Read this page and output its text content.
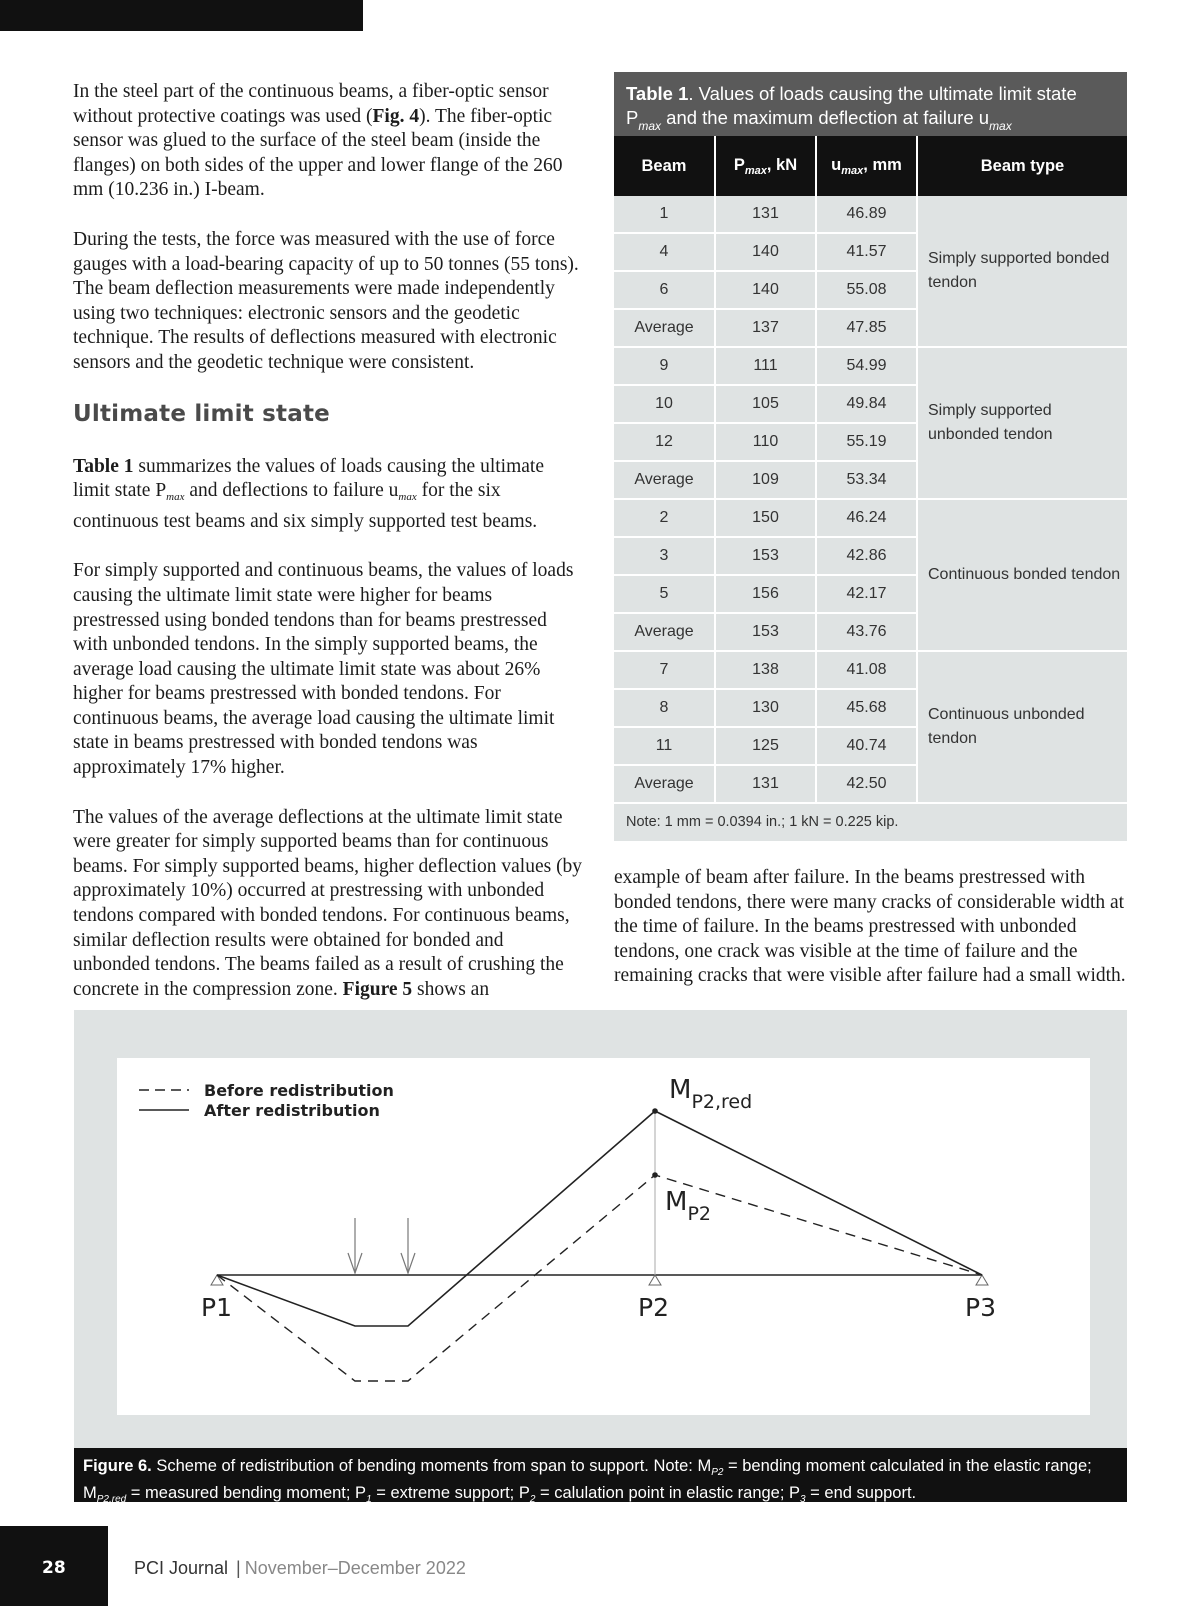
In the steel part of the continuous beams, a fiber-optic sensor without protective coatings was used (Fig. 4). The fiber-optic sensor was glued to the surface of the steel beam (inside the flanges) on both sides of the upper and lower flange of the 260 mm (10.236 in.) I-beam.

During the tests, the force was measured with the use of force gauges with a load-bearing capacity of up to 50 tonnes (55 tons). The beam deflection measurements were made independently using two techniques: electronic sensors and the geodetic technique. The results of deflections measured with electronic sensors and the geodetic technique were consistent.

Ultimate limit state

Table 1 summarizes the values of loads causing the ultimate limit state $P_{max}$ and deflections to failure $u_{max}$ for the six continuous test beams and six simply supported test beams.

For simply supported and continuous beams, the values of loads causing the ultimate limit state were higher for beams prestressed using bonded tendons than for beams prestressed with unbonded tendons. In the simply supported beams, the average load causing the ultimate limit state was about 26% higher for beams prestressed with bonded tendons. For continuous beams, the average load causing the ultimate limit state in beams prestressed with bonded tendons was approximately 17% higher.

The values of the average deflections at the ultimate limit state were greater for simply supported beams than for continuous beams. For simply supported beams, higher deflection values (by approximately 10%) occurred at prestressing with unbonded tendons compared with bonded tendons. For continuous beams, similar deflection results were obtained for bonded and unbonded tendons. The beams failed as a result of crushing the concrete in the compression zone. Figure 5 shows an

Table 1. Values of loads causing the ultimate limit state $P_{max}$ and the maximum deflection at failure $u_{max}$
Beam	$P_{max}$, kN	$u_{max}$, mm	Beam type
1	131	46.89	Simply supported bonded tendon
4	140	41.57	
6	140	55.08	
Average	137	47.85	
9	111	54.99	Simply supported unbonded tendon
10	105	49.84	
12	110	55.19	
Average	109	53.34	
2	150	46.24	Continuous bonded tendon
3	153	42.86	
5	156	42.17	
Average	153	43.76	
7	138	41.08	Continuous unbonded tendon
8	130	45.68	
11	125	40.74	
Average	131	42.50	
Note: 1 mm = 0.0394 in.; 1 kN = 0.225 kip.

example of beam after failure. In the beams prestressed with bonded tendons, there were many cracks of considerable width at the time of failure. In the beams prestressed with unbonded tendons, one crack was visible at the time of failure and the remaining cracks that were visible after failure had a small width.

Before redistribution
After redistribution
$M_{P2,red}$
$M_{P2}$
P1	P2	P3
Figure 6. Scheme of redistribution of bending moments from span to support. Note: $M_{P2}$ = bending moment calculated in the elastic range; $M_{P2,red}$ = measured bending moment; $P_1$ = extreme support; $P_2$ = calulation point in elastic range; $P_3$ = end support.
28	PCI Journal | November–December 2022
